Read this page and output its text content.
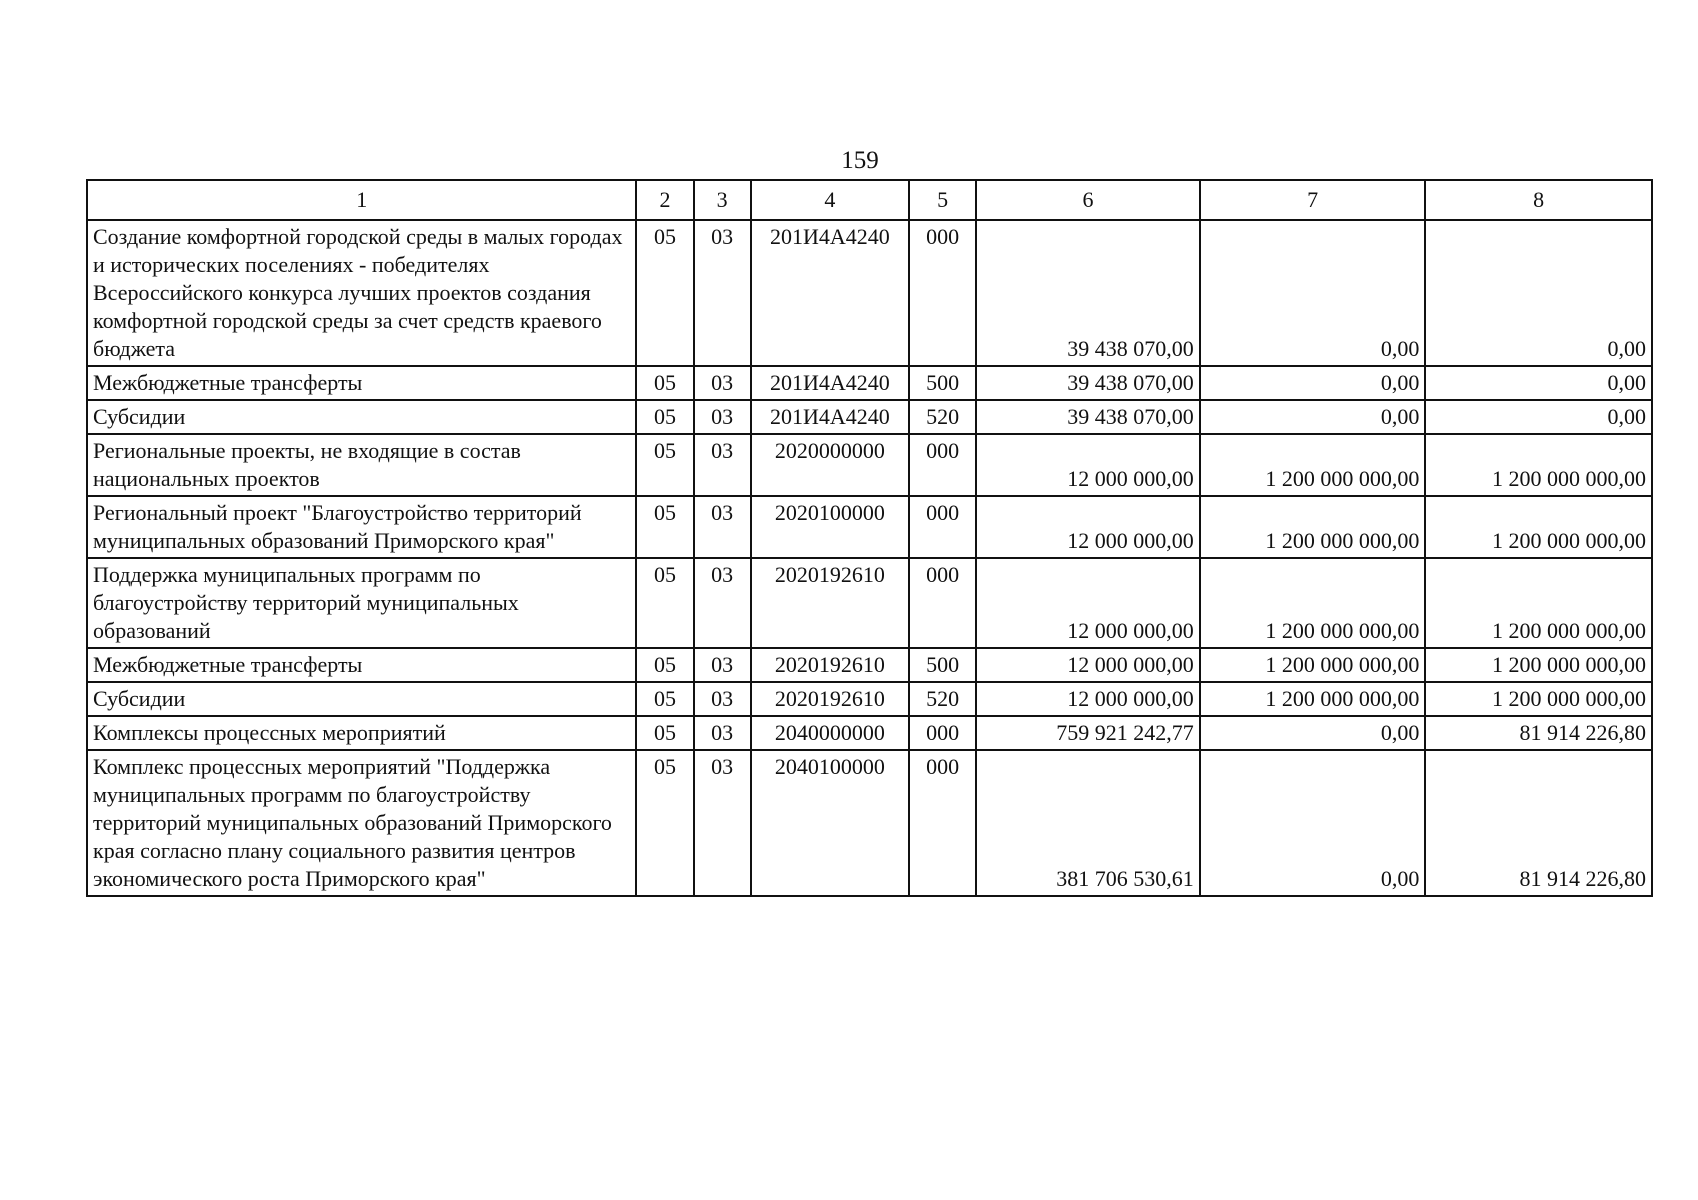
159
1	2	3	4	5	6	7	8
Создание комфортной городской среды в малых городах и исторических поселениях - победителях Всероссийского конкурса лучших проектов создания комфортной городской среды за счет средств краевого бюджета	05	03	201И4А4240	000	39 438 070,00	0,00	0,00
Межбюджетные трансферты	05	03	201И4А4240	500	39 438 070,00	0,00	0,00
Субсидии	05	03	201И4А4240	520	39 438 070,00	0,00	0,00
Региональные проекты, не входящие в состав национальных проектов	05	03	2020000000	000	12 000 000,00	1 200 000 000,00	1 200 000 000,00
Региональный проект "Благоустройство территорий муниципальных образований Приморского края"	05	03	2020100000	000	12 000 000,00	1 200 000 000,00	1 200 000 000,00
Поддержка муниципальных программ по благоустройству территорий муниципальных образований	05	03	2020192610	000	12 000 000,00	1 200 000 000,00	1 200 000 000,00
Межбюджетные трансферты	05	03	2020192610	500	12 000 000,00	1 200 000 000,00	1 200 000 000,00
Субсидии	05	03	2020192610	520	12 000 000,00	1 200 000 000,00	1 200 000 000,00
Комплексы процессных мероприятий	05	03	2040000000	000	759 921 242,77	0,00	81 914 226,80
Комплекс процессных мероприятий "Поддержка муниципальных программ по благоустройству территорий муниципальных образований Приморского края согласно плану социального развития центров экономического роста Приморского края"	05	03	2040100000	000	381 706 530,61	0,00	81 914 226,80
